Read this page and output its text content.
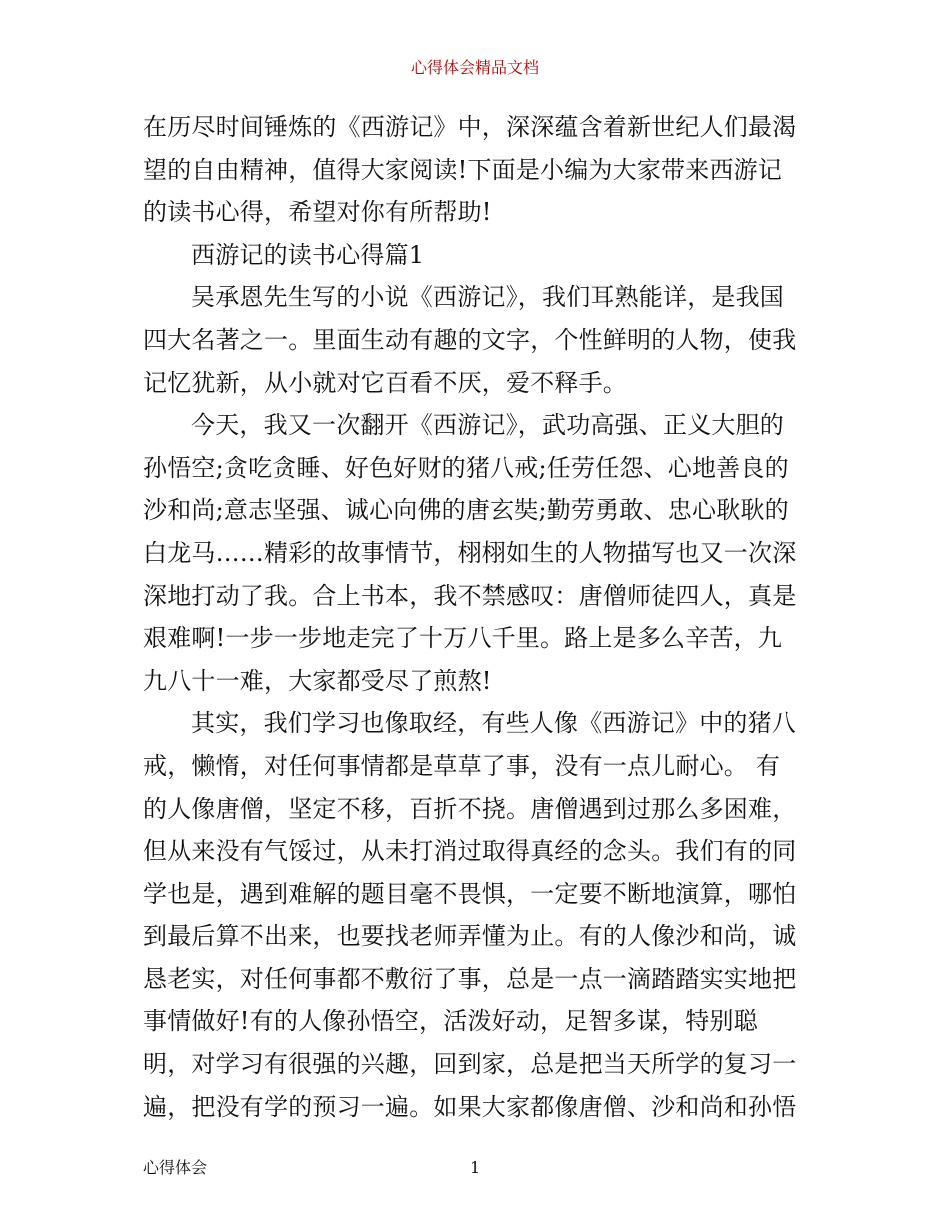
心得体会精品文档
在历尽时间锤炼的《西游记》中，深深蕴含着新世纪人们最渴
望的自由精神，值得大家阅读!下面是小编为大家带来西游记
的读书心得，希望对你有所帮助!
西游记的读书心得篇1
吴承恩先生写的小说《西游记》，我们耳熟能详，是我国
四大名著之一。里面生动有趣的文字，个性鲜明的人物，使我
记忆犹新，从小就对它百看不厌，爱不释手。
今天，我又一次翻开《西游记》，武功高强、正义大胆的
孙悟空;贪吃贪睡、好色好财的猪八戒;任劳任怨、心地善良的
沙和尚;意志坚强、诚心向佛的唐玄奘;勤劳勇敢、忠心耿耿的
白龙马……精彩的故事情节，栩栩如生的人物描写也又一次深
深地打动了我。合上书本，我不禁感叹：唐僧师徒四人，真是
艰难啊!一步一步地走完了十万八千里。路上是多么辛苦，九
九八十一难，大家都受尽了煎熬!
其实，我们学习也像取经，有些人像《西游记》中的猪八
戒，懒惰，对任何事情都是草草了事，没有一点儿耐心。 有
的人像唐僧，坚定不移，百折不挠。唐僧遇到过那么多困难，
但从来没有气馁过，从未打消过取得真经的念头。我们有的同
学也是，遇到难解的题目毫不畏惧，一定要不断地演算，哪怕
到最后算不出来，也要找老师弄懂为止。有的人像沙和尚，诚
恳老实，对任何事都不敷衍了事，总是一点一滴踏踏实实地把
事情做好!有的人像孙悟空，活泼好动，足智多谋，特别聪
明，对学习有很强的兴趣，回到家，总是把当天所学的复习一
遍，把没有学的预习一遍。如果大家都像唐僧、沙和尚和孙悟
心得体会	1
